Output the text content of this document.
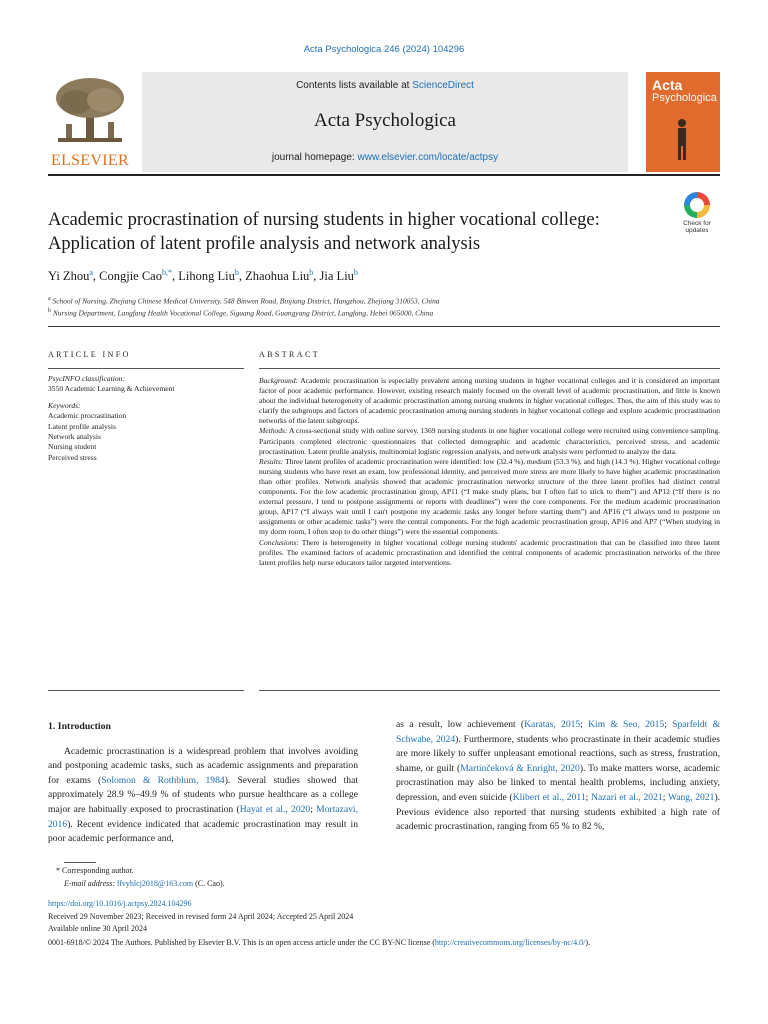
Acta Psychologica 246 (2024) 104296
ELSEVIER
Contents lists available at ScienceDirect
Acta Psychologica
journal homepage: www.elsevier.com/locate/actpsy
Acta
Psychologica
Academic procrastination of nursing students in higher vocational college: Application of latent profile analysis and network analysis
Check for updates
Yi Zhou$^a$, Congjie Cao$^{b,*}$, Lihong Liu$^b$, Zhaohua Liu$^b$, Jia Liu$^b$
$^a$ School of Nursing, Zhejiang Chinese Medical University, 548 Binwen Road, Binjiang District, Hangzhou, Zhejiang 310053, China
$^b$ Nursing Department, Langfang Health Vocational College, Siguang Road, Guangyang District, Langfang, Hebei 065000, China
ARTICLE INFO	ABSTRACT
PsycINFO classification:
3550 Academic Learning & Achievement
Keywords:
Academic procrastination
Latent profile analysis
Network analysis
Nursing student
Perceived stress

Background: Academic procrastination is especially prevalent among nursing students in higher vocational colleges and it is considered an important factor of poor academic performance. However, existing research mainly focused on the overall level of academic procrastination, and little is known about the individual heterogeneity of academic procrastination among nursing students in higher vocational colleges. Thus, the aim of this study was to clarify the subgroups and factors of academic procrastination among nursing students in higher vocational college and explore academic procrastination networks of the latent subgroups.

Methods: A cross-sectional study with online survey. 1369 nursing students in one higher vocational college were recruited using convenience sampling. Participants completed electronic questionnaires that collected demographic and academic characteristics, perceived stress, and academic procrastination. Latent profile analysis, multinomial logistic regression analysis, and network analysis were performed to analyze the data.

Results: Three latent profiles of academic procrastination were identified: low (32.4 %), medium (53.3 %), and high (14.3 %). Higher vocational college nursing students who have reset an exam, low professional identity, and perceived more stress are more likely to have higher academic procrastination than other profiles. Network analysis showed that academic procrastination networks structure of the three latent profiles had distinct central components. For the low academic procrastination group, AP11 (“I make study plans, but I often fail to stick to them”) and AP12 (“If there is no external pressure, I tend to postpone assignments or reports with deadlines”) were the core components. For the medium academic procrastination group, AP17 (“I always wait until I can't postpone my academic tasks any longer before starting them”) and AP16 (“I always tend to postpone on assignments or other academic tasks”) were the central components. For the high academic procrastination group, AP16 and AP7 (“When studying in my dorm room, I often stop to do other things”) were the essential components.

Conclusions: There is heterogeneity in higher vocational college nursing students' academic procrastination that can be classified into three latent profiles. The examined factors of academic procrastination and identified the central components of academic procrastination networks of the three latent profiles help nurse educators tailor targeted interventions.

1. Introduction

Academic procrastination is a widespread problem that involves avoiding and postponing academic tasks, such as academic assignments and preparation for exams (Solomon & Rothblum, 1984). Several studies showed that approximately 28.9 %–49.9 % of students who pursue healthcare as a college major are habitually exposed to procrastination (Hayat et al., 2020; Mortazavi, 2016). Recent evidence indicated that academic procrastination may result in poor academic performance and,

as a result, low achievement (Karatas, 2015; Kim & Seo, 2015; Sparfeldt & Schwabe, 2024). Furthermore, students who procrastinate in their academic studies are more likely to suffer unpleasant emotional reactions, such as stress, frustration, shame, or guilt (Martinčeková & Enright, 2020). To make matters worse, academic procrastination may also be linked to mental health problems, including anxiety, depression, and even suicide (Klibert et al., 2011; Nazari et al., 2021; Wang, 2021). Previous evidence also reported that nursing students exhibited a high rate of academic procrastination, ranging from 65 % to 82 %,

* Corresponding author.
E-mail address: lfvyhlcj2018@163.com (C. Cao).
https://doi.org/10.1016/j.actpsy.2024.104296
Received 29 November 2023; Received in revised form 24 April 2024; Accepted 25 April 2024
Available online 30 April 2024
0001-6918/© 2024 The Authors. Published by Elsevier B.V. This is an open access article under the CC BY-NC license (http://creativecommons.org/licenses/by-nc/4.0/).
